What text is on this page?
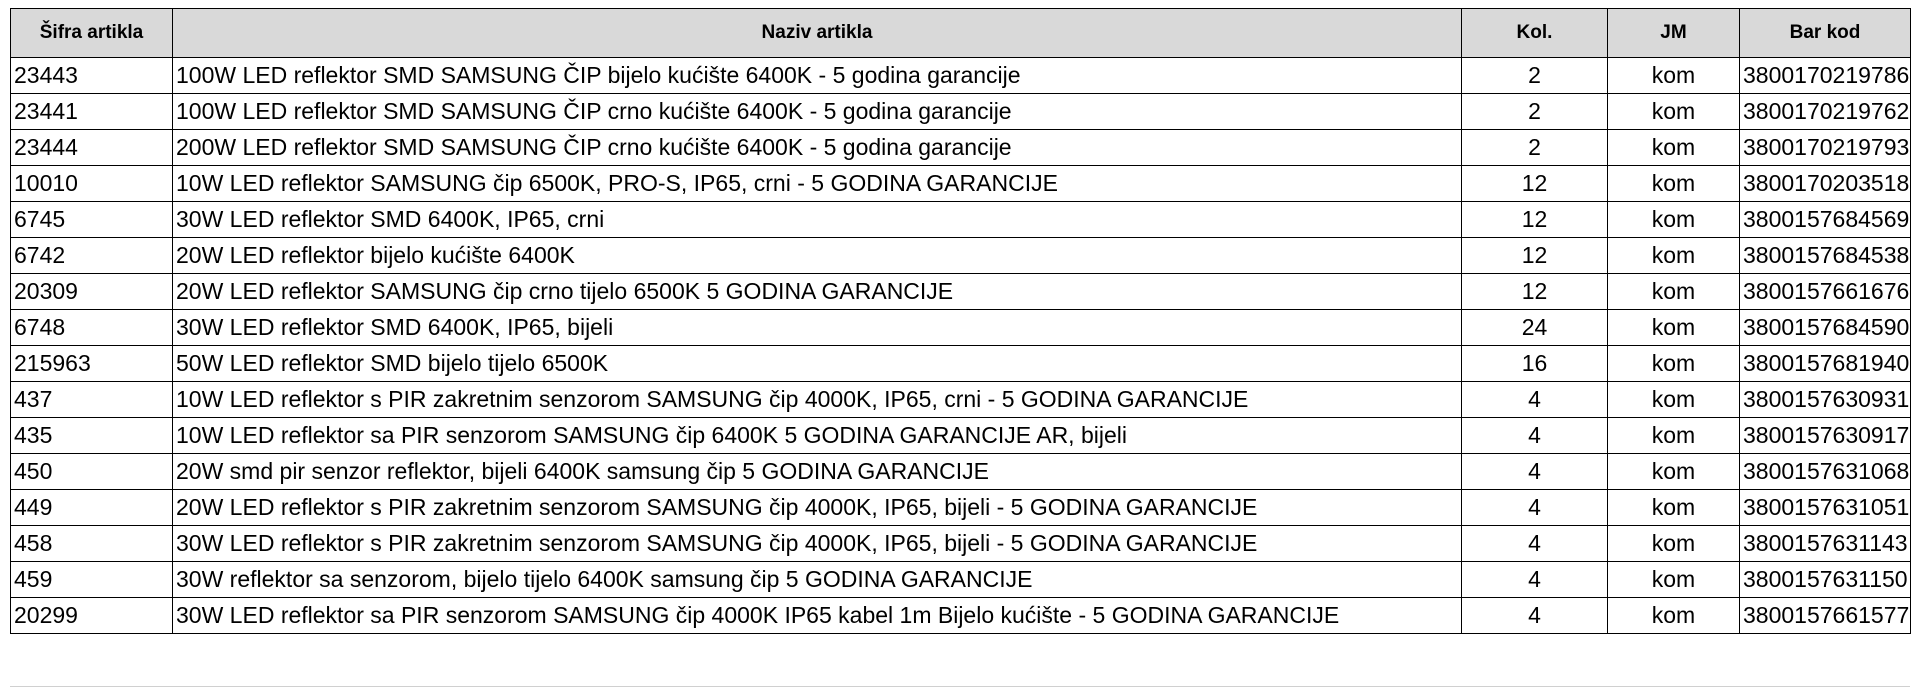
Šifra artikla	Naziv artikla	Kol.	JM	Bar kod
23443	100W LED reflektor SMD SAMSUNG ČIP bijelo kućište 6400K - 5 godina garancije	2	kom	3800170219786
23441	100W LED reflektor SMD SAMSUNG ČIP crno kućište 6400K - 5 godina garancije	2	kom	3800170219762
23444	200W LED reflektor SMD SAMSUNG ČIP crno kućište 6400K - 5 godina garancije	2	kom	3800170219793
10010	10W LED reflektor SAMSUNG čip 6500K, PRO-S, IP65, crni - 5 GODINA GARANCIJE	12	kom	3800170203518
6745	30W LED reflektor SMD 6400K, IP65, crni	12	kom	3800157684569
6742	20W LED reflektor bijelo kućište 6400K	12	kom	3800157684538
20309	20W LED reflektor SAMSUNG čip crno tijelo 6500K 5 GODINA GARANCIJE	12	kom	3800157661676
6748	30W LED reflektor SMD 6400K, IP65, bijeli	24	kom	3800157684590
215963	50W LED reflektor SMD bijelo tijelo 6500K	16	kom	3800157681940
437	10W LED reflektor s PIR zakretnim senzorom SAMSUNG čip 4000K, IP65, crni - 5 GODINA GARANCIJE	4	kom	3800157630931
435	10W LED reflektor sa PIR senzorom SAMSUNG čip 6400K 5 GODINA GARANCIJE AR, bijeli	4	kom	3800157630917
450	20W smd pir senzor reflektor, bijeli 6400K samsung čip 5 GODINA GARANCIJE	4	kom	3800157631068
449	20W LED reflektor s PIR zakretnim senzorom SAMSUNG čip 4000K, IP65, bijeli - 5 GODINA GARANCIJE	4	kom	3800157631051
458	30W LED reflektor s PIR zakretnim senzorom SAMSUNG čip 4000K, IP65, bijeli - 5 GODINA GARANCIJE	4	kom	3800157631143
459	30W reflektor sa senzorom, bijelo tijelo 6400K samsung čip 5 GODINA GARANCIJE	4	kom	3800157631150
20299	30W LED reflektor sa PIR senzorom SAMSUNG čip 4000K IP65 kabel 1m Bijelo kućište - 5 GODINA GARANCIJE	4	kom	3800157661577
